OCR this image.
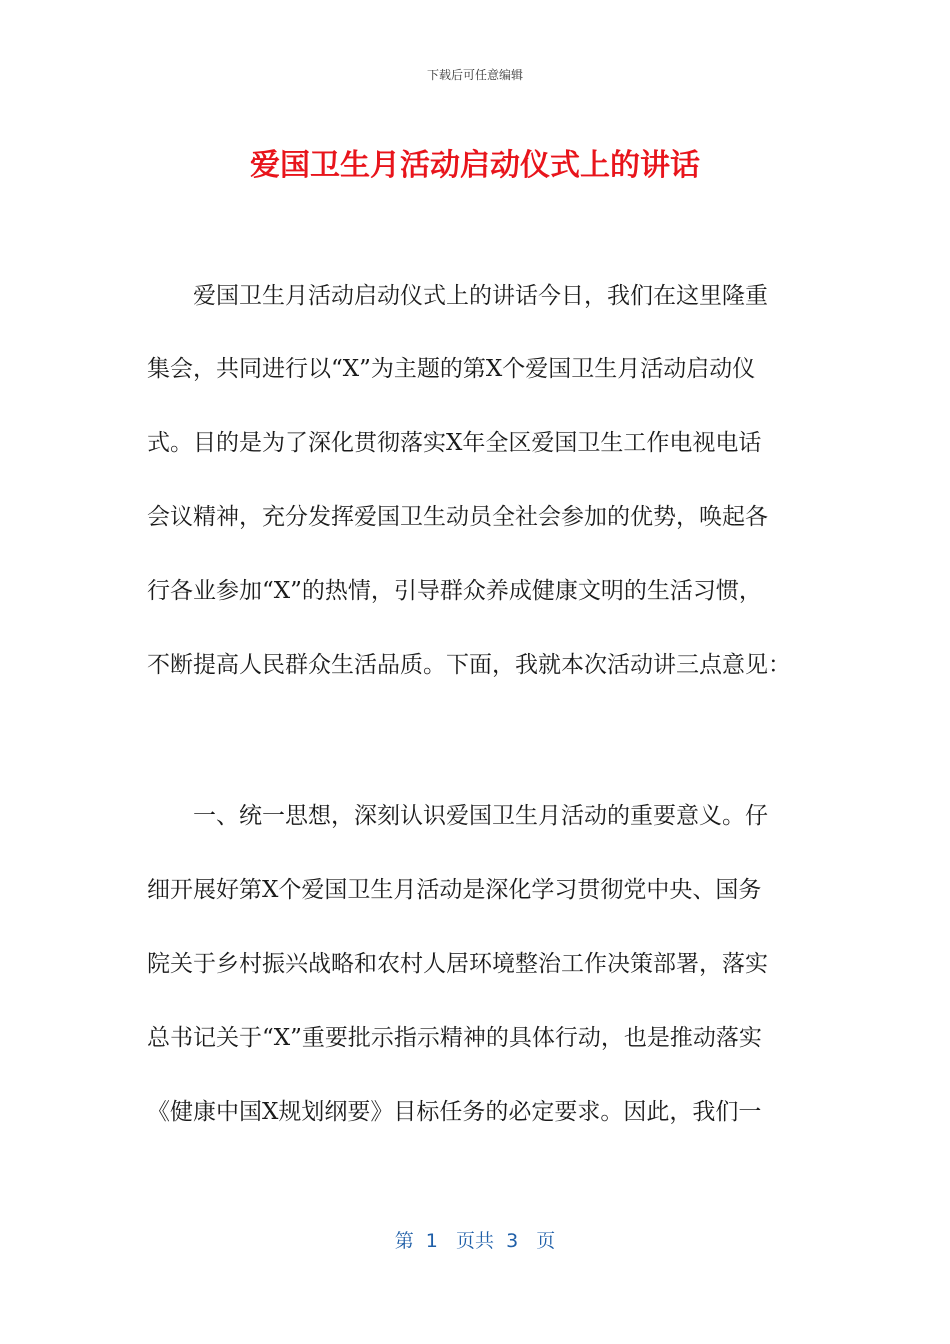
下载后可任意编辑
爱国卫生月活动启动仪式上的讲话
　　爱国卫生月活动启动仪式上的讲话今日，我们在这里隆重
集会，共同进行以“X”为主题的第X个爱国卫生月活动启动仪
式。目的是为了深化贯彻落实X年全区爱国卫生工作电视电话
会议精神，充分发挥爱国卫生动员全社会参加的优势，唤起各
行各业参加“X”的热情，引导群众养成健康文明的生活习惯，
不断提高人民群众生活品质。下面，我就本次活动讲三点意见：
　　一、统一思想，深刻认识爱国卫生月活动的重要意义。仔
细开展好第X个爱国卫生月活动是深化学习贯彻党中央、国务
院关于乡村振兴战略和农村人居环境整治工作决策部署，落实
总书记关于“X”重要批示指示精神的具体行动，也是推动落实
《健康中国X规划纲要》目标任务的必定要求。因此，我们一
第  1   页共  3   页
